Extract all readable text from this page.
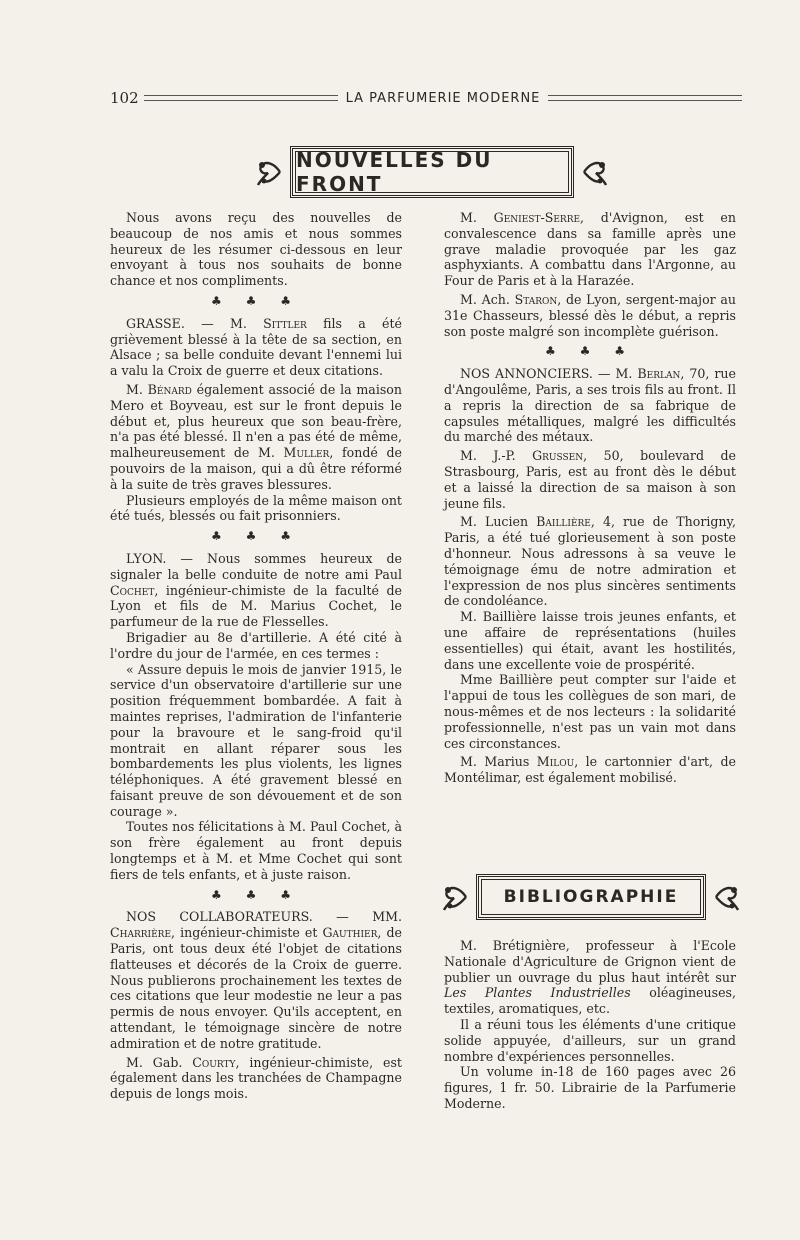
102	LA PARFUMERIE MODERNE
NOUVELLES DU FRONT

Nous avons reçu des nouvelles de beaucoup de nos amis et nous sommes heureux de les résumer ci-dessous en leur envoyant à tous nos souhaits de bonne chance et nos compliments.

♣ ♣ ♣

GRASSE. — M. Sittler fils a été grièvement blessé à la tête de sa section, en Alsace ; sa belle conduite devant l'ennemi lui a valu la Croix de guerre et deux citations.

M. Bénard également associé de la maison Mero et Boyveau, est sur le front depuis le début et, plus heureux que son beau-frère, n'a pas été blessé. Il n'en a pas été de même, malheureusement de M. Muller, fondé de pouvoirs de la maison, qui a dû être réformé à la suite de très graves blessures.

Plusieurs employés de la même maison ont été tués, blessés ou fait prisonniers.

♣ ♣ ♣

LYON. — Nous sommes heureux de signaler la belle conduite de notre ami Paul Cochet, ingénieur-chimiste de la faculté de Lyon et fils de M. Marius Cochet, le parfumeur de la rue de Flesselles.

Brigadier au 8e d'artillerie. A été cité à l'ordre du jour de l'armée, en ces termes :

« Assure depuis le mois de janvier 1915, le service d'un observatoire d'artillerie sur une position fréquemment bombardée. A fait à maintes reprises, l'admiration de l'infanterie pour la bravoure et le sang-froid qu'il montrait en allant réparer sous les bombardements les plus violents, les lignes téléphoniques. A été gravement blessé en faisant preuve de son dévouement et de son courage ».

Toutes nos félicitations à M. Paul Cochet, à son frère également au front depuis longtemps et à M. et Mme Cochet qui sont fiers de tels enfants, et à juste raison.

♣ ♣ ♣

NOS COLLABORATEURS. — MM. Charrière, ingénieur-chimiste et Gauthier, de Paris, ont tous deux été l'objet de citations flatteuses et décorés de la Croix de guerre. Nous publierons prochainement les textes de ces citations que leur modestie ne leur a pas permis de nous envoyer. Qu'ils acceptent, en attendant, le témoignage sincère de notre admiration et de notre gratitude.

M. Gab. Courty, ingénieur-chimiste, est également dans les tranchées de Champagne depuis de longs mois.

M. Geniest-Serre, d'Avignon, est en convalescence dans sa famille après une grave maladie provoquée par les gaz asphyxiants. A combattu dans l'Argonne, au Four de Paris et à la Harazée.

M. Ach. Staron, de Lyon, sergent-major au 31e Chasseurs, blessé dès le début, a repris son poste malgré son incomplète guérison.

♣ ♣ ♣

NOS ANNONCIERS. — M. Berlan, 70, rue d'Angoulême, Paris, a ses trois fils au front. Il a repris la direction de sa fabrique de capsules métalliques, malgré les difficultés du marché des métaux.

M. J.-P. Grussen, 50, boulevard de Strasbourg, Paris, est au front dès le début et a laissé la direction de sa maison à son jeune fils.

M. Lucien Baillière, 4, rue de Thorigny, Paris, a été tué glorieusement à son poste d'honneur. Nous adressons à sa veuve le témoignage ému de notre admiration et l'expression de nos plus sincères sentiments de condoléance.

M. Baillière laisse trois jeunes enfants, et une affaire de représentations (huiles essentielles) qui était, avant les hostilités, dans une excellente voie de prospérité.

Mme Baillière peut compter sur l'aide et l'appui de tous les collègues de son mari, de nous-mêmes et de nos lecteurs : la solidarité professionnelle, n'est pas un vain mot dans ces circonstances.

M. Marius Milou, le cartonnier d'art, de Montélimar, est également mobilisé.

BIBLIOGRAPHIE

M. Brétignière, professeur à l'Ecole Nationale d'Agriculture de Grignon vient de publier un ouvrage du plus haut intérêt sur Les Plantes Industrielles oléagineuses, textiles, aromatiques, etc.

Il a réuni tous les éléments d'une critique solide appuyée, d'ailleurs, sur un grand nombre d'expériences personnelles.

Un volume in-18 de 160 pages avec 26 figures, 1 fr. 50. Librairie de la Parfumerie Moderne.
